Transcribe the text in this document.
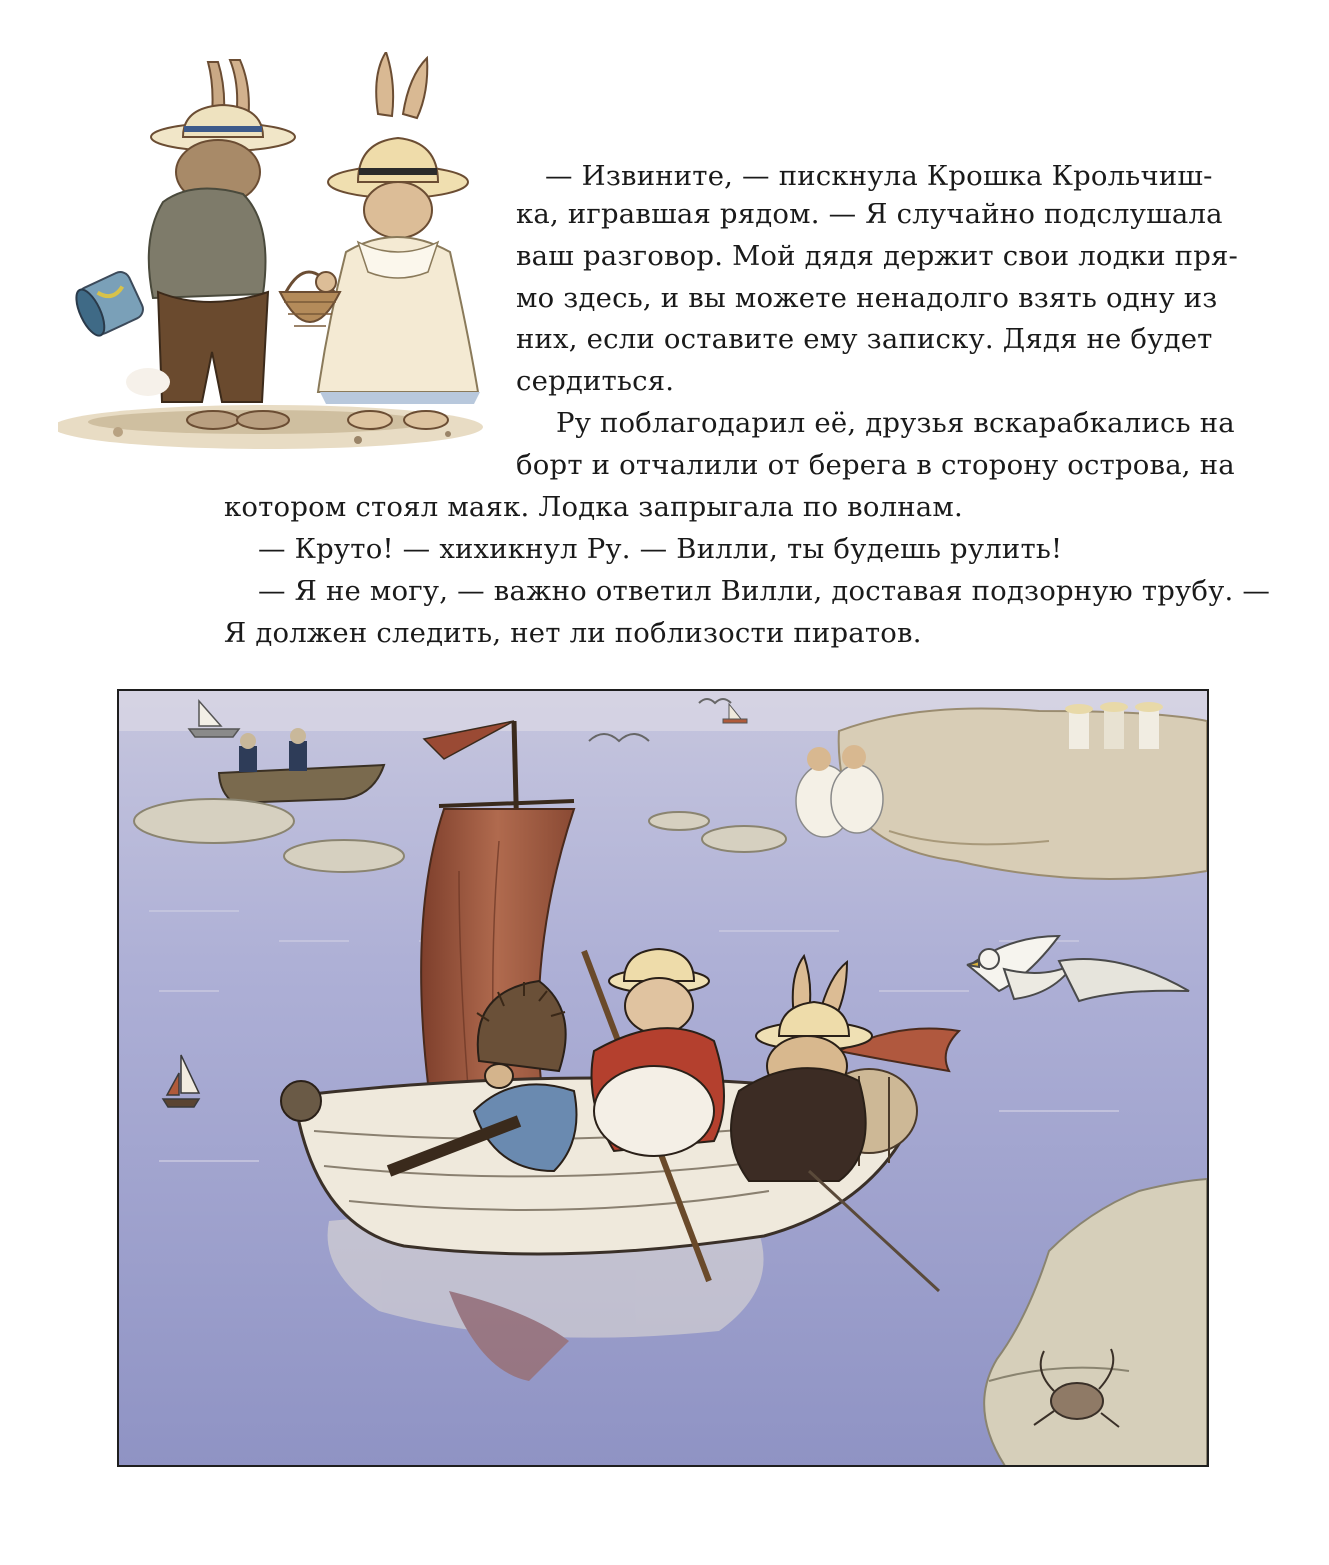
— Извините, — пискнула Крошка Крольчиш-
ка, игравшая рядом. — Я случайно подслушала
ваш разговор. Мой дядя держит свои лодки пря-
мо здесь, и вы можете ненадолго взять одну из
них, если оставите ему записку. Дядя не будет
сердиться.
Ру поблагодарил её, друзья вскарабкались на
борт и отчалили от берега в сторону острова, на
котором стоял маяк. Лодка запрыгала по волнам.
— Круто! — хихикнул Ру. — Вилли, ты будешь рулить!
— Я не могу, — важно ответил Вилли, доставая подзорную трубу. —
Я должен следить, нет ли поблизости пиратов.
